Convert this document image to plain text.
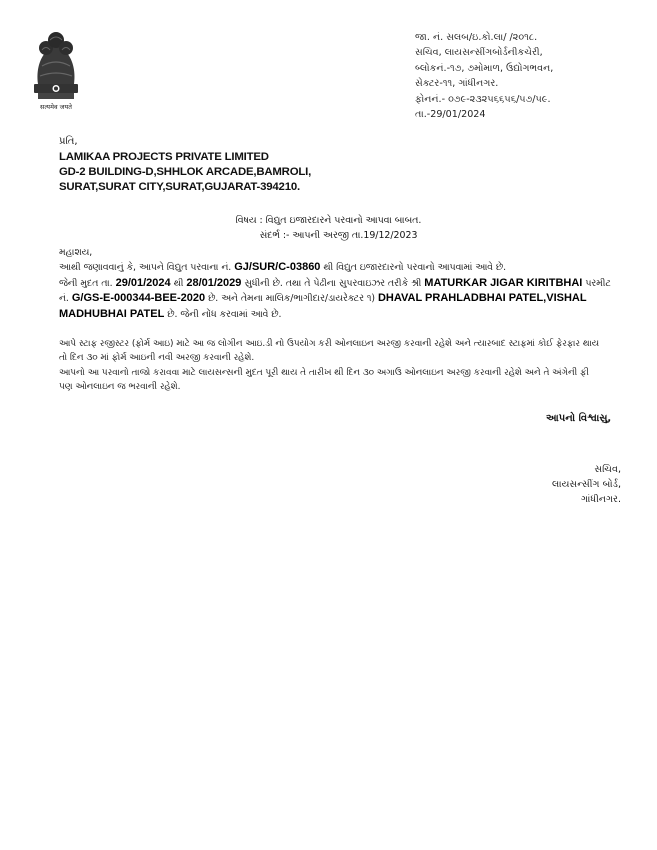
सत्यमेव जयते
જા. નં. સલબ/ઇ.કો.લા/ /૨૦૧૮.
સચિવ, લાયસન્સીંગબોર્ડનીકચેરી,
બ્લોકનં.-૧૭, ૭મોમાળ, ઉદ્યોગભવન,
સેક્ટર-૧૧, ગાંધીનગર.
ફોનનં.- ૦૭૯-૨૩૨૫૬૬૫૬/૫૭/૫૯.
તા.-29/01/2024
પ્રતિ,
LAMIKAA PROJECTS PRIVATE LIMITED
GD-2 BUILDING-D,SHHLOK ARCADE,BAMROLI,
SURAT,SURAT CITY,SURAT,GUJARAT-394210.
વિષય : વિદ્યુત ઇજારદારને પરવાનો આપવા બાબત.
સંદર્ભ :- આપની અરજી તા.19/12/2023
મહાશય,
આથી જણાવવાનું કે, આપને વિદ્યુત પરવાના નં. GJ/SUR/C-03860 થી વિદ્યુત ઇજારદારનો પરવાનો આપવામાં આવે છે.
જેની મુદત તા. 29/01/2024 થી 28/01/2029 સુધીની છે. તથા તે પેઢીના સુપરવાઇઝર તરીકે શ્રી MATURKAR JIGAR KIRITBHAI પરમીટ
નં. G/GS-E-000344-BEE-2020 છે. અને તેમના માલિક/ભાગીદાર/ડાયરેક્ટર ૧) DHAVAL PRAHLADBHAI PATEL,VISHAL
MADHUBHAI PATEL છે. જેની નોંધ કરવામાં આવે છે.
આપે સ્ટાફ રજીસ્ટર (ફોર્મ આઇ) માટે આ જ લોગીન આઇ.ડી નો ઉપયોગ કરી ઓનલાઇન અરજી કરવાની રહેશે અને ત્યારબાદ સ્ટાફમાં કોઈ ફેરફાર થાય
તો દિન ૩૦ માં ફોર્મ આઇની નવી અરજી કરવાની રહેશે.
આપનો આ પરવાનો તાજો કરાવવા માટે લાયસન્સની મુદત પૂરી થાય તે તારીખ થી દિન ૩૦ અગાઉ ઓનલાઇન અરજી કરવાની રહેશે અને તે અંગેની ફી
પણ ઓનલાઇન જ ભરવાની રહેશે.
આપનો વિશ્વાસુ,
સચિવ,
લાયસન્સીંગ બોર્ડ,
ગાંધીનગર.
